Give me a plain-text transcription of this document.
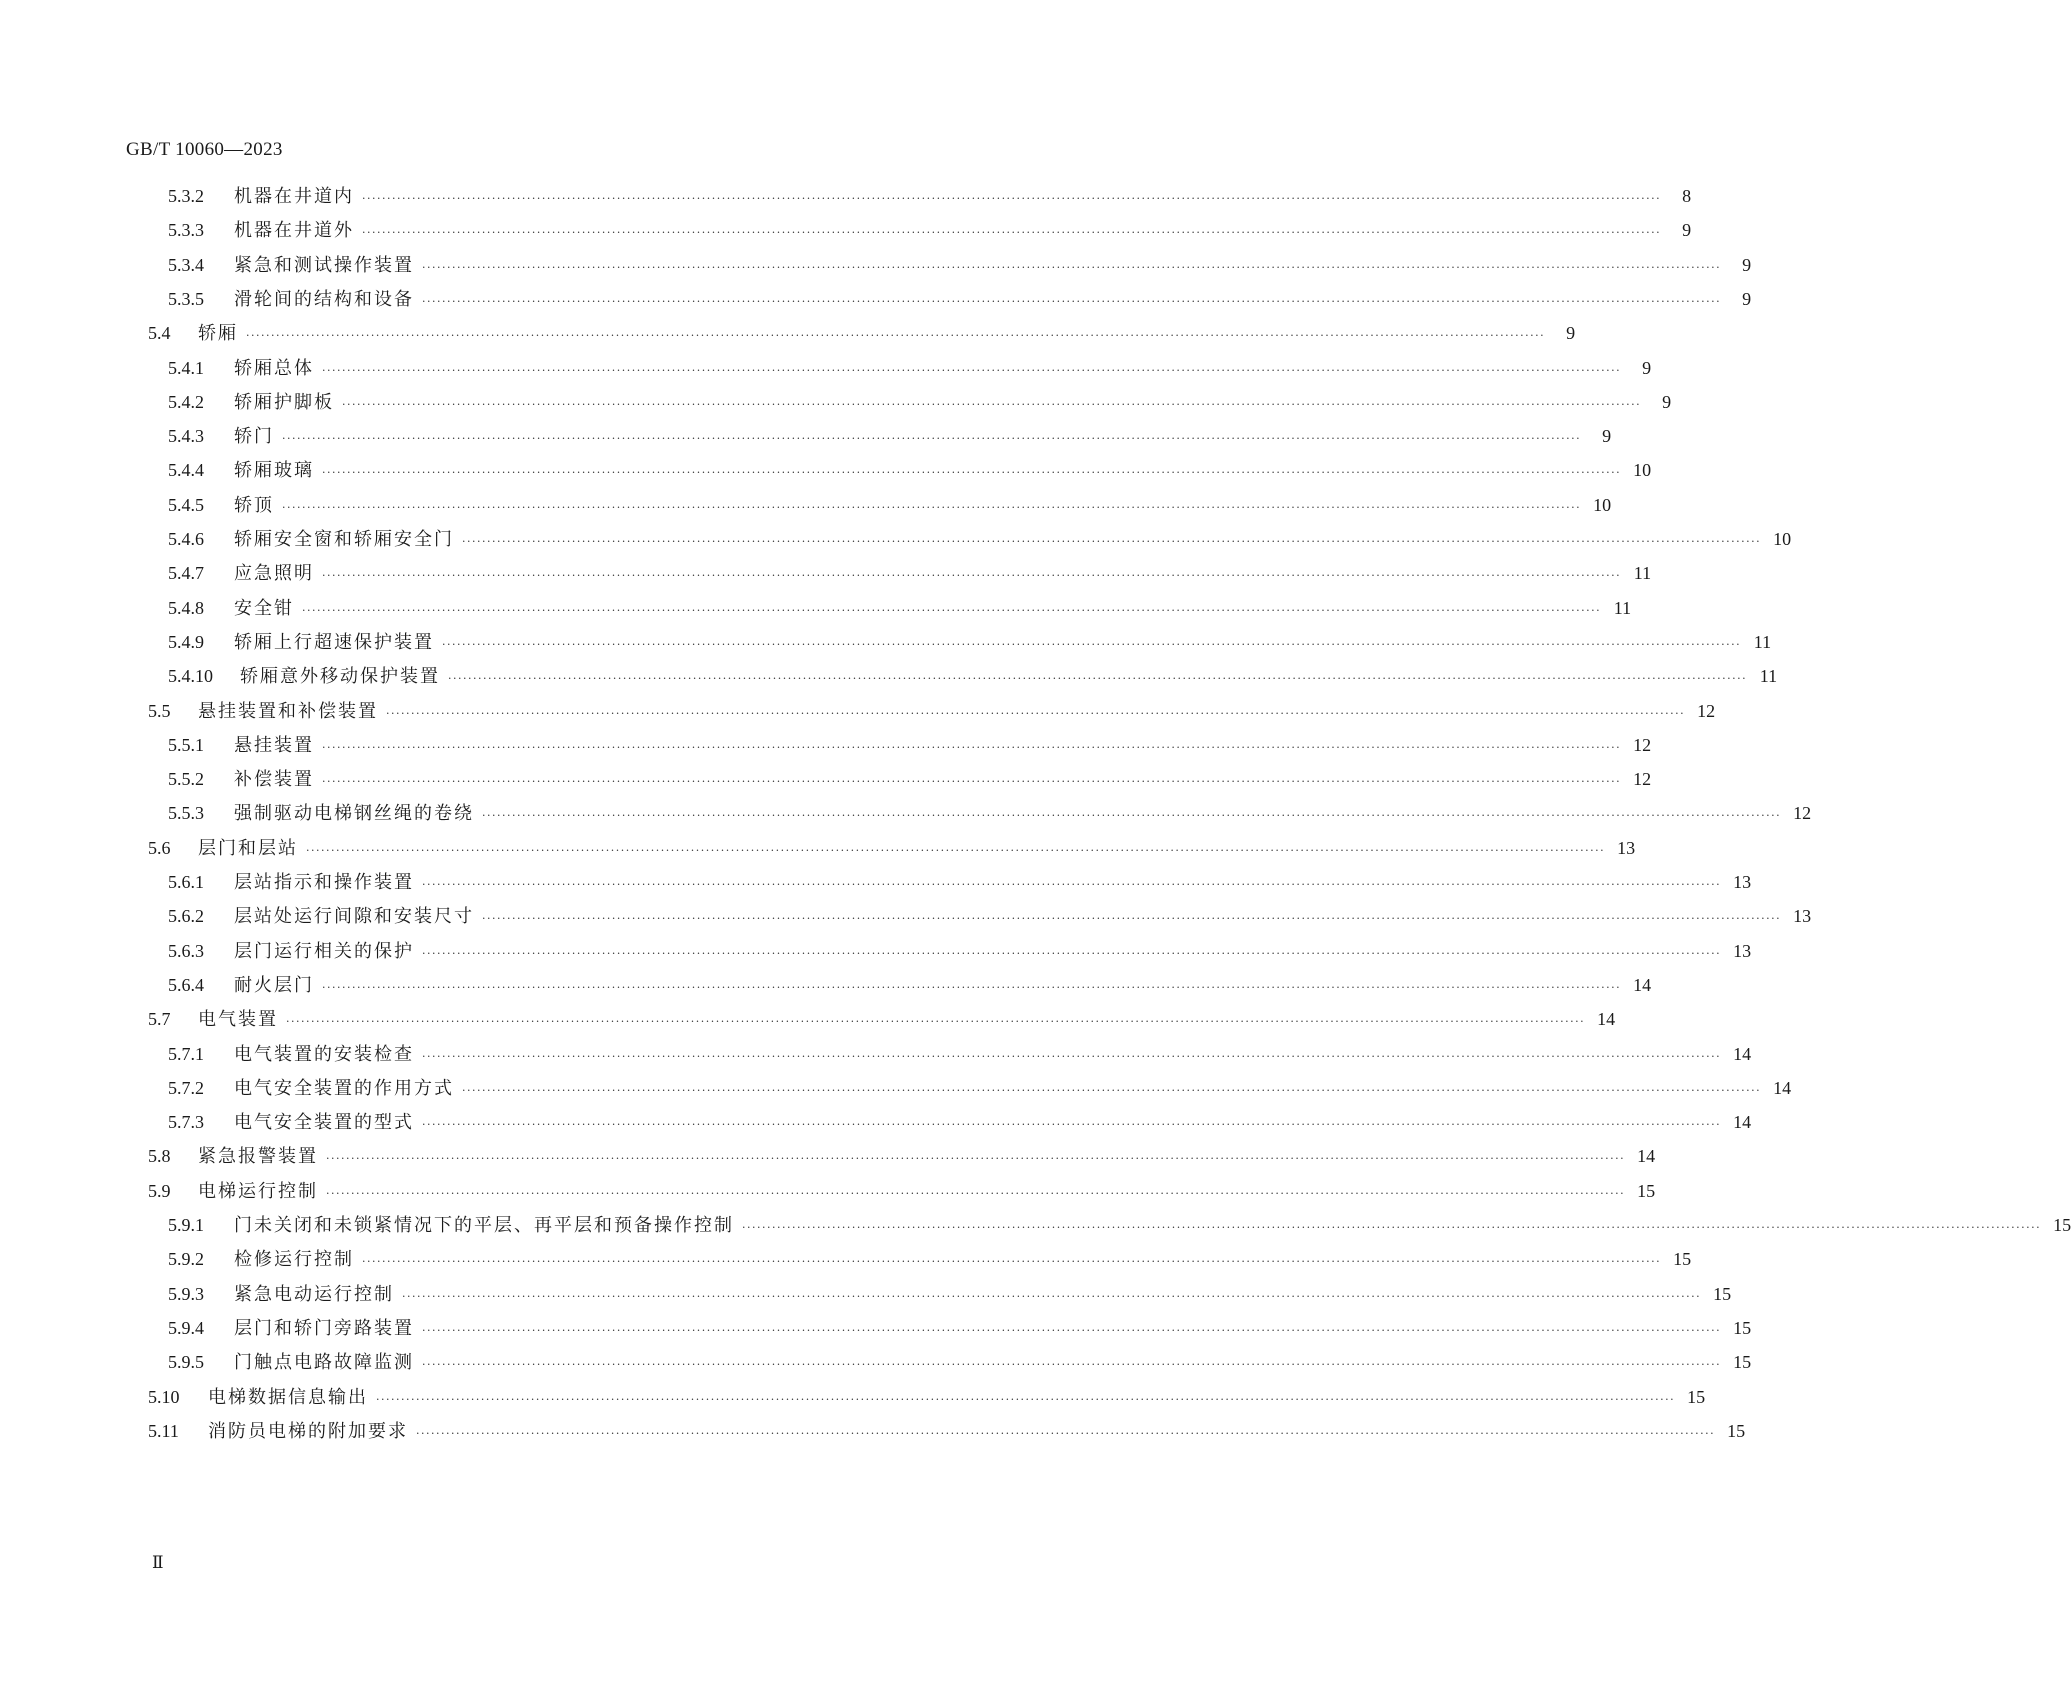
GB/T 10060—2023
5.3.2	机器在井道内 ····································································································································································································································································	8
5.3.3	机器在井道外 ····································································································································································································································································	9
5.3.4	紧急和测试操作装置 ····································································································································································································································································	9
5.3.5	滑轮间的结构和设备 ····································································································································································································································································	9
5.4	轿厢 ····································································································································································································································································	9
5.4.1	轿厢总体 ····································································································································································································································································	9
5.4.2	轿厢护脚板 ····································································································································································································································································	9
5.4.3	轿门 ····································································································································································································································································	9
5.4.4	轿厢玻璃 ···································································································································································································································································· 10
5.4.5	轿顶 ···································································································································································································································································· 10
5.4.6	轿厢安全窗和轿厢安全门 ···································································································································································································································································· 10
5.4.7	应急照明 ···································································································································································································································································· 11
5.4.8	安全钳 ···································································································································································································································································· 11
5.4.9	轿厢上行超速保护装置 ···································································································································································································································································· 11
5.4.10	轿厢意外移动保护装置 ···································································································································································································································································· 11
5.5	悬挂装置和补偿装置 ···································································································································································································································································· 12
5.5.1	悬挂装置 ···································································································································································································································································· 12
5.5.2	补偿装置 ···································································································································································································································································· 12
5.5.3	强制驱动电梯钢丝绳的卷绕 ···································································································································································································································································· 12
5.6	层门和层站 ···································································································································································································································································· 13
5.6.1	层站指示和操作装置 ···································································································································································································································································· 13
5.6.2	层站处运行间隙和安装尺寸 ···································································································································································································································································· 13
5.6.3	层门运行相关的保护 ···································································································································································································································································· 13
5.6.4	耐火层门 ···································································································································································································································································· 14
5.7	电气装置 ···································································································································································································································································· 14
5.7.1	电气装置的安装检查 ···································································································································································································································································· 14
5.7.2	电气安全装置的作用方式 ···································································································································································································································································· 14
5.7.3	电气安全装置的型式 ···································································································································································································································································· 14
5.8	紧急报警装置 ···································································································································································································································································· 14
5.9	电梯运行控制 ···································································································································································································································································· 15
5.9.1	门未关闭和未锁紧情况下的平层、再平层和预备操作控制 ···································································································································································································································································· 15
5.9.2	检修运行控制 ···································································································································································································································································· 15
5.9.3	紧急电动运行控制 ···································································································································································································································································· 15
5.9.4	层门和轿门旁路装置 ···································································································································································································································································· 15
5.9.5	门触点电路故障监测 ···································································································································································································································································· 15
5.10	电梯数据信息输出 ···································································································································································································································································· 15
5.11	消防员电梯的附加要求 ···································································································································································································································································· 15
Ⅱ
